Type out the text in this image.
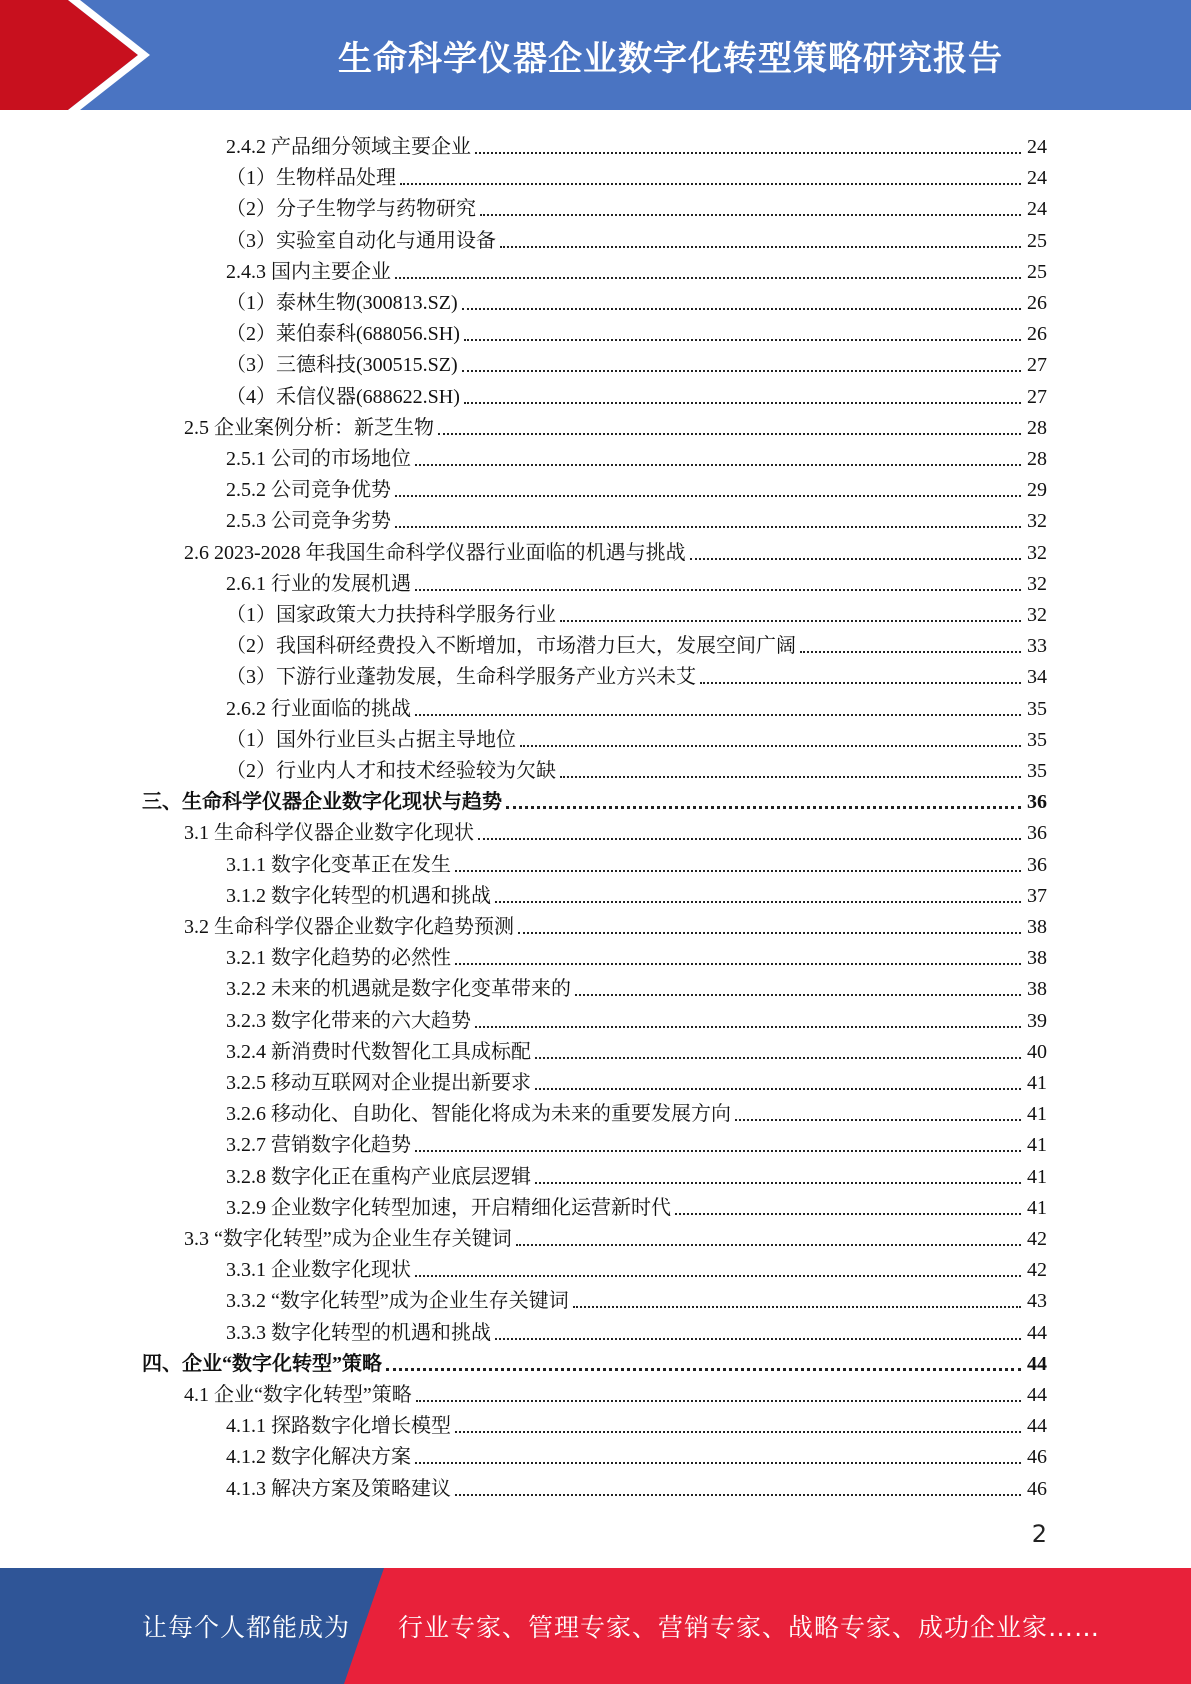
生命科学仪器企业数字化转型策略研究报告
2.4.2 产品细分领域主要企业	24
（1）生物样品处理	24
（2）分子生物学与药物研究	24
（3）实验室自动化与通用设备	25
2.4.3 国内主要企业	25
（1）泰林生物(300813.SZ)	26
（2）莱伯泰科(688056.SH)	26
（3）三德科技(300515.SZ)	27
（4）禾信仪器(688622.SH)	27
2.5 企业案例分析：新芝生物	28
2.5.1 公司的市场地位	28
2.5.2 公司竞争优势	29
2.5.3 公司竞争劣势	32
2.6 2023-2028 年我国生命科学仪器行业面临的机遇与挑战	32
2.6.1 行业的发展机遇	32
（1）国家政策大力扶持科学服务行业	32
（2）我国科研经费投入不断增加，市场潜力巨大，发展空间广阔	33
（3）下游行业蓬勃发展，生命科学服务产业方兴未艾	34
2.6.2 行业面临的挑战	35
（1）国外行业巨头占据主导地位	35
（2）行业内人才和技术经验较为欠缺	35
三、生命科学仪器企业数字化现状与趋势	36
3.1 生命科学仪器企业数字化现状	36
3.1.1 数字化变革正在发生	36
3.1.2 数字化转型的机遇和挑战	37
3.2 生命科学仪器企业数字化趋势预测	38
3.2.1 数字化趋势的必然性	38
3.2.2 未来的机遇就是数字化变革带来的	38
3.2.3 数字化带来的六大趋势	39
3.2.4 新消费时代数智化工具成标配	40
3.2.5 移动互联网对企业提出新要求	41
3.2.6 移动化、自助化、智能化将成为未来的重要发展方向	41
3.2.7 营销数字化趋势	41
3.2.8 数字化正在重构产业底层逻辑	41
3.2.9 企业数字化转型加速，开启精细化运营新时代	41
3.3 “数字化转型”成为企业生存关键词	42
3.3.1 企业数字化现状	42
3.3.2 “数字化转型”成为企业生存关键词	43
3.3.3 数字化转型的机遇和挑战	44
四、企业“数字化转型”策略	44
4.1 企业“数字化转型”策略	44
4.1.1 探路数字化增长模型	44
4.1.2 数字化解决方案	46
4.1.3 解决方案及策略建议	46
2
让每个人都能成为 行业专家、管理专家、营销专家、战略专家、成功企业家……
